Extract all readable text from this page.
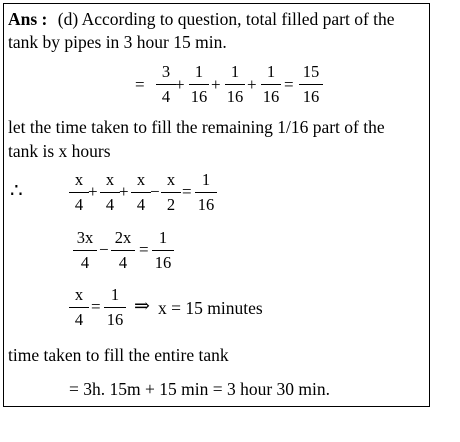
Ans : (d) According to question, total filled part of the
tank by pipes in 3 hour 15 min.
=
3
4
+
1
16
+
1
16
+
1
16
=
15
16
let the time taken to fill the remaining 1/16 part of the
tank is x hours
∴
x
4
+
x
4
+
x
4
−
x
2
=
1
16
3x
4
−
2x
4
=
1
16
x
4
=
1
16
⇒ x = 15 minutes
time taken to fill the entire tank
= 3h. 15m + 15 min = 3 hour 30 min.
